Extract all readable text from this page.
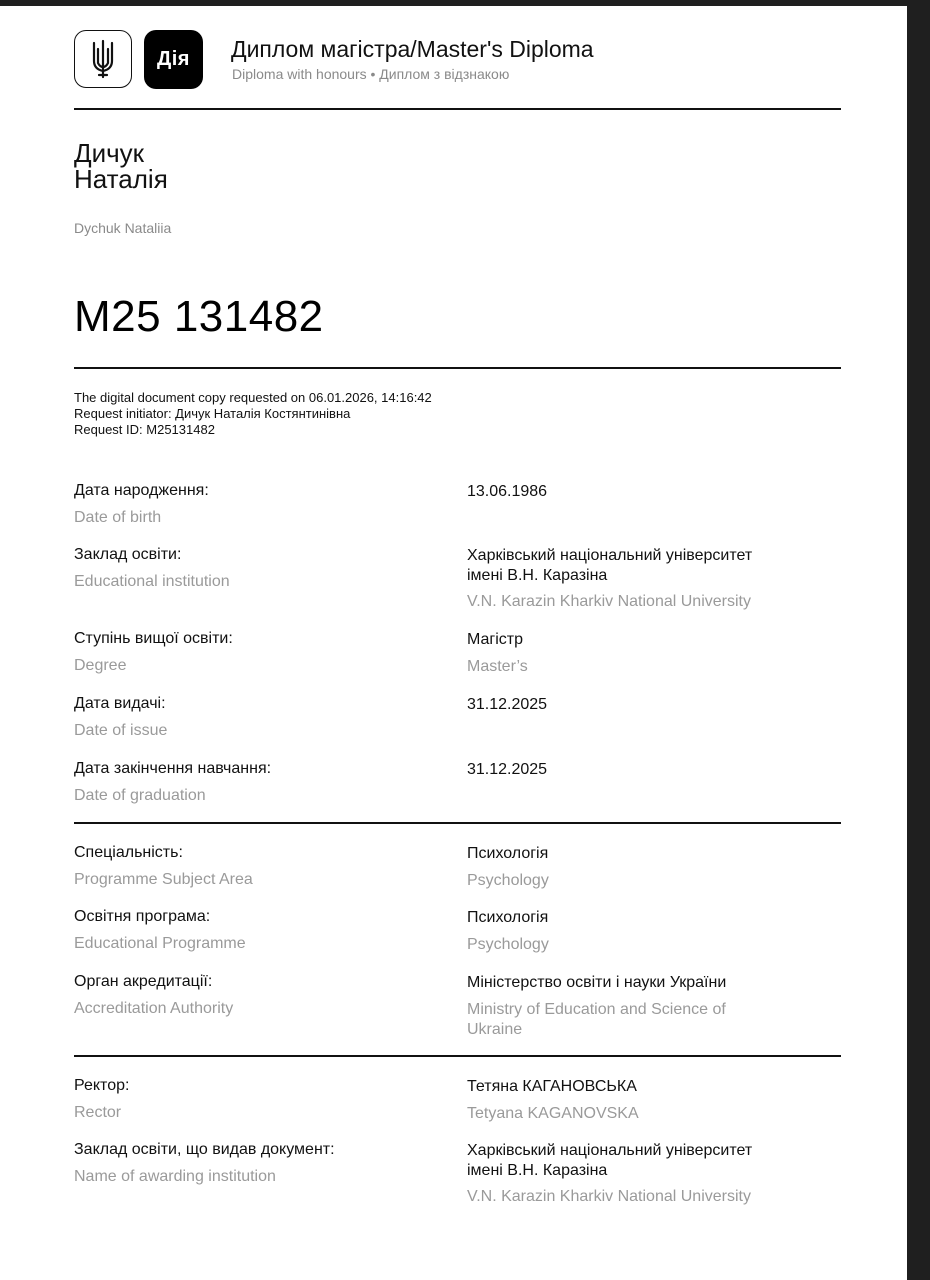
Дія	Диплом магістра/Master's Diploma
Diploma with honours • Диплом з відзнакою
Дичук
Наталія
Dychuk Nataliia
M25 131482
The digital document copy requested on 06.01.2026, 14:16:42
Request initiator: Дичук Наталія Костянтинівна
Request ID: M25131482
Дата народження:
Date of birth
13.06.1986
Заклад освіти:
Educational institution
Харківський національний університет
імені В.Н. Каразіна
V.N. Karazin Kharkiv National University
Ступінь вищої освіти:
Degree
Магістр
Master’s
Дата видачі:
Date of issue
31.12.2025
Дата закінчення навчання:
Date of graduation
31.12.2025
Спеціальність:
Programme Subject Area
Психологія
Psychology
Освітня програма:
Educational Programme
Психологія
Psychology
Орган акредитації:
Accreditation Authority
Міністерство освіти і науки України
Ministry of Education and Science of
Ukraine
Ректор:
Rector
Тетяна КАГАНОВСЬКА
Tetyana KAGANOVSKA
Заклад освіти, що видав документ:
Name of awarding institution
Харківський національний університет
імені В.Н. Каразіна
V.N. Karazin Kharkiv National University
